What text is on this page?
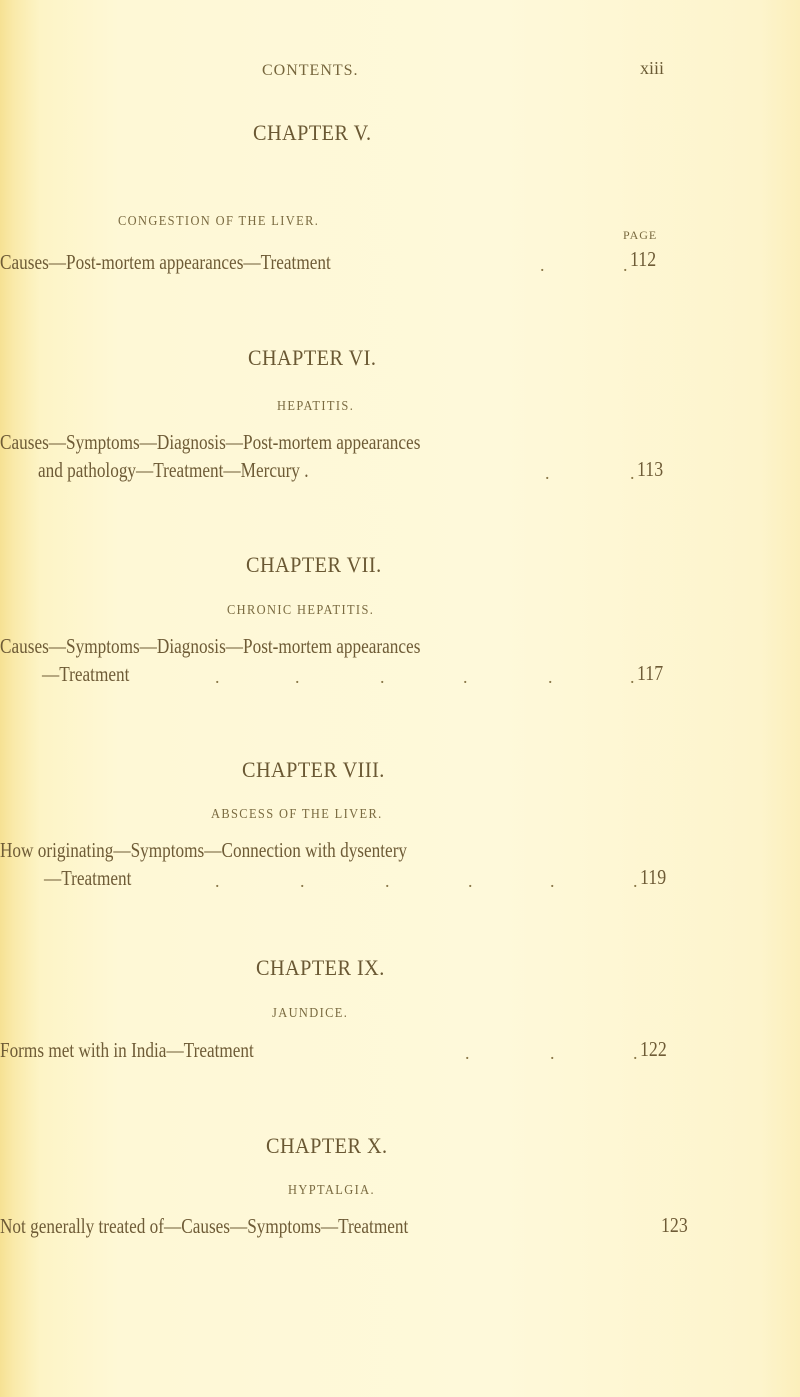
CONTENTS.	xiii
CHAPTER V.
CONGESTION OF THE LIVER.
PAGE
Causes—Post-mortem appearances—Treatment	.	. 112
CHAPTER VI.
HEPATITIS.
Causes—Symptoms—Diagnosis—Post-mortem appearances
and pathology—Treatment—Mercury .	.	. 113
CHAPTER VII.
CHRONIC HEPATITIS.
Causes—Symptoms—Diagnosis—Post-mortem appearances
—Treatment	.	.	.	.	.	. 117
CHAPTER VIII.
ABSCESS OF THE LIVER.
How originating—Symptoms—Connection with dysentery
—Treatment	.	.	.	.	.	. 119
CHAPTER IX.
JAUNDICE.
Forms met with in India—Treatment	.	.	. 122
CHAPTER X.
HYPTALGIA.
Not generally treated of—Causes—Symptoms—Treatment	123
